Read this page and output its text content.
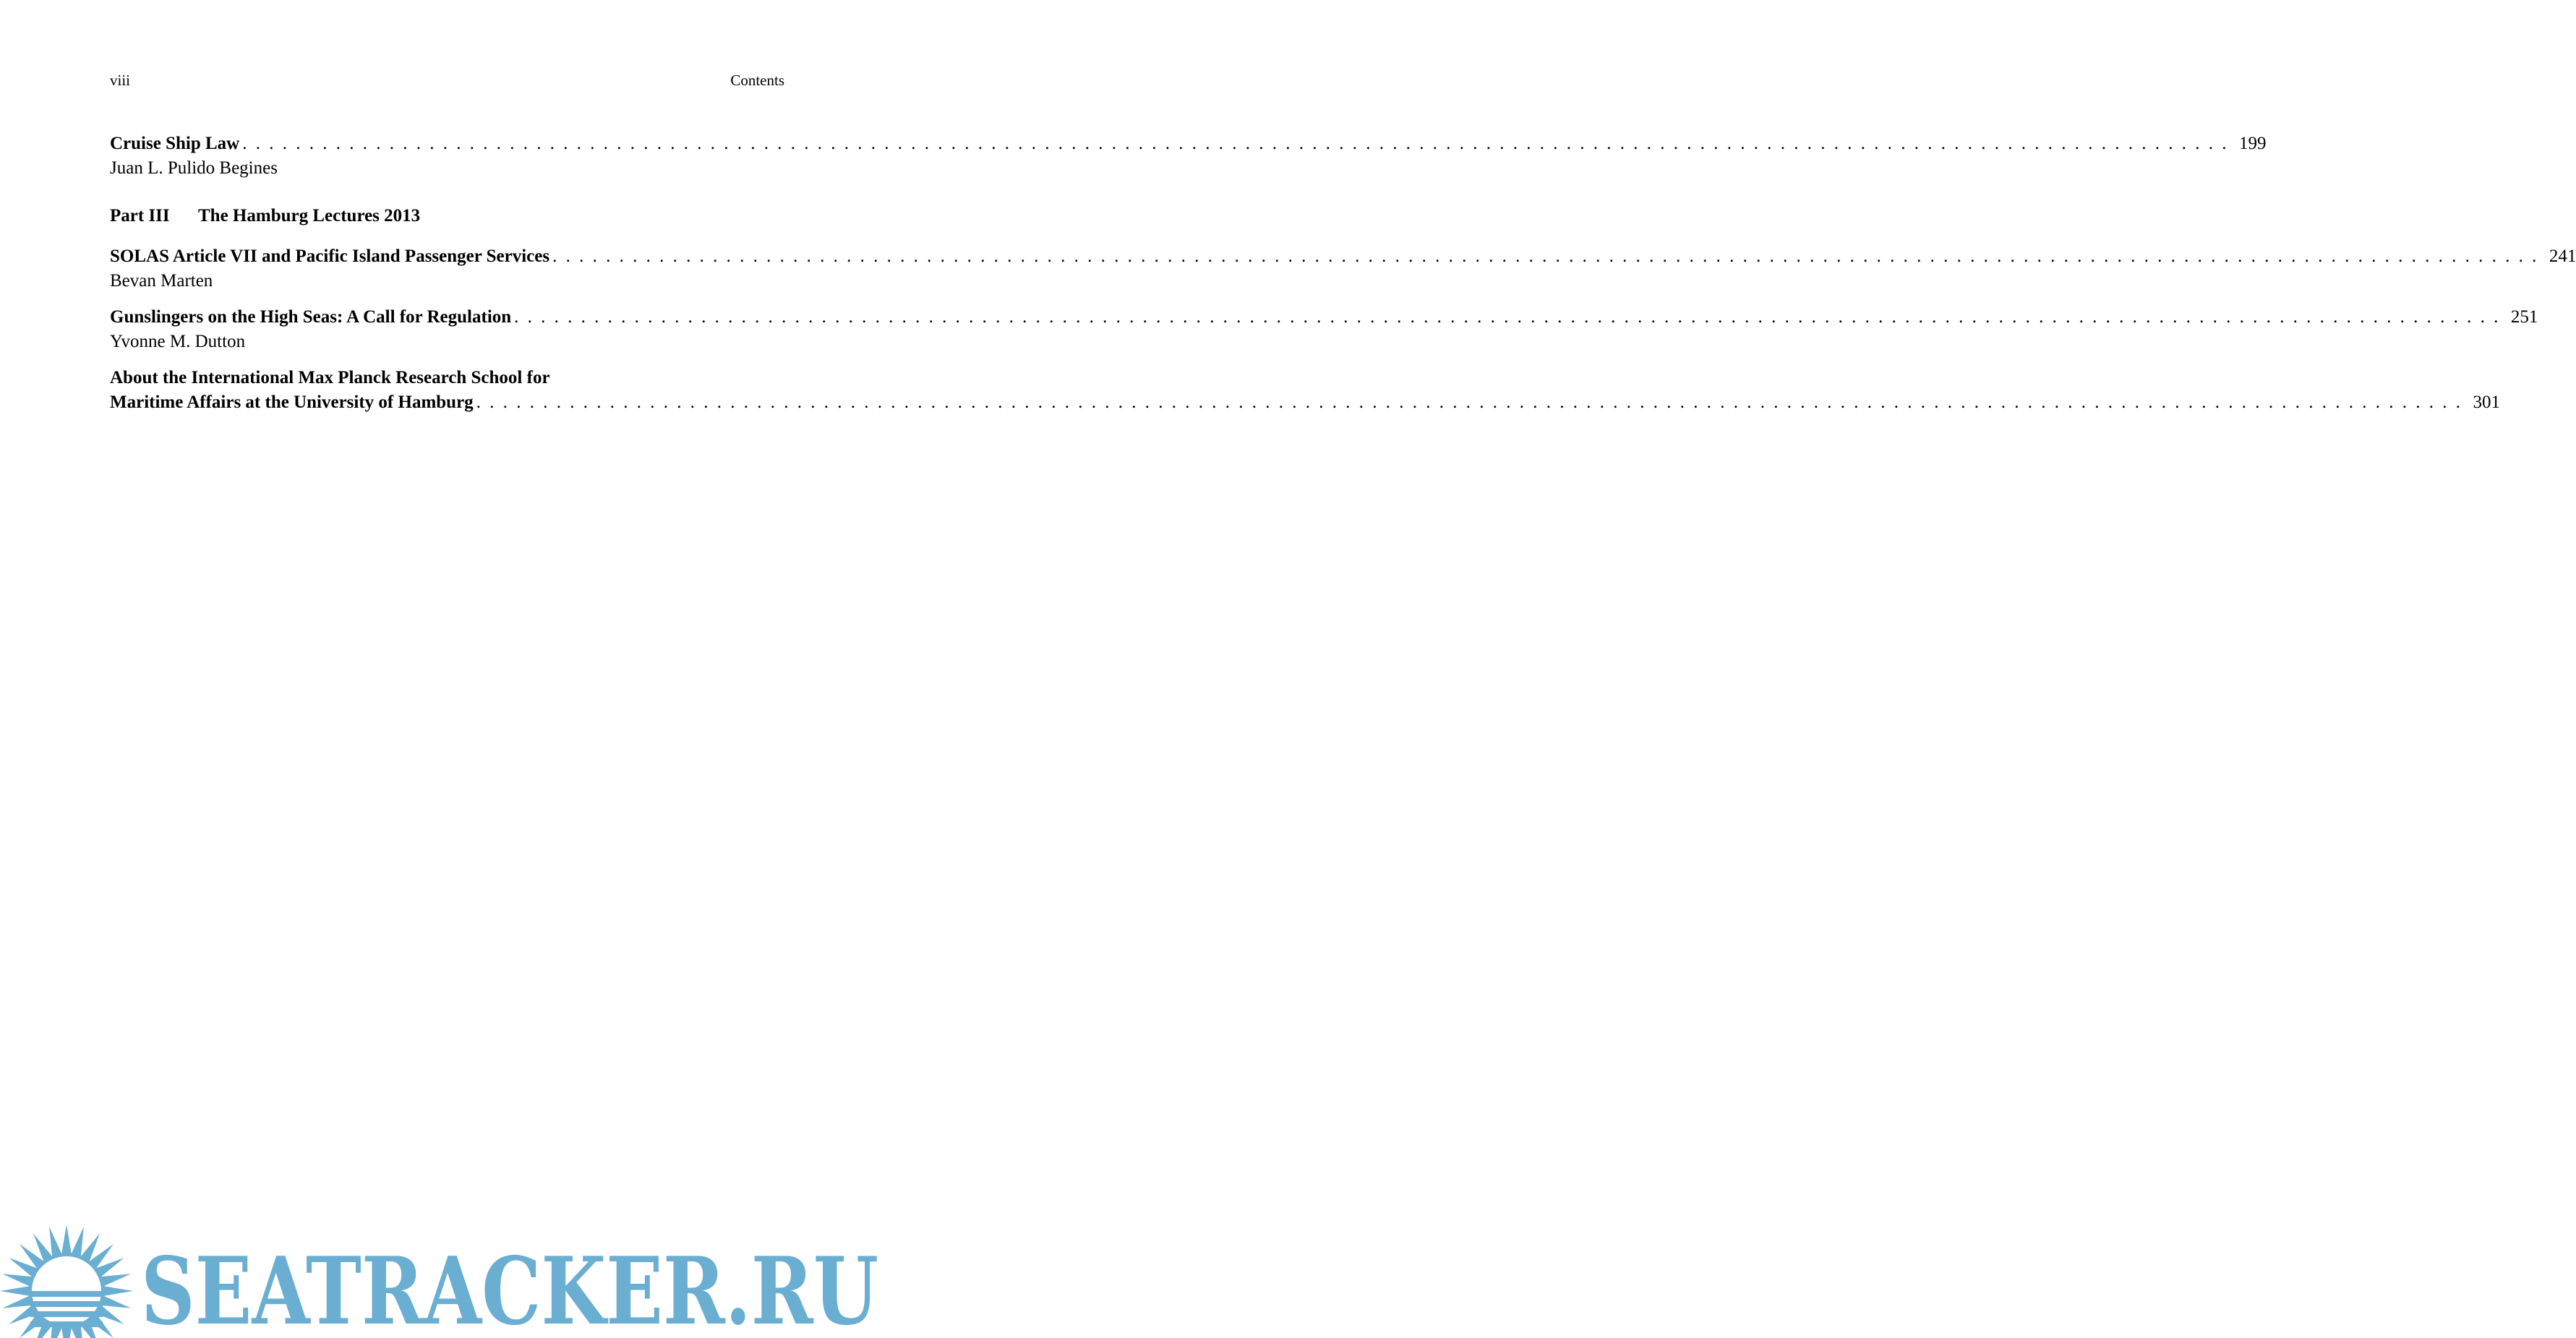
viii	Contents
Cruise Ship Law . . .	199
Juan L. Pulido Begines
Part III The Hamburg Lectures 2013
SOLAS Article VII and Pacific Island Passenger Services . . .	241
Bevan Marten
Gunslingers on the High Seas: A Call for Regulation . . .	251
Yvonne M. Dutton
About the International Max Planck Research School for
Maritime Affairs at the University of Hamburg . . .	301
SEATRACKER.RU
